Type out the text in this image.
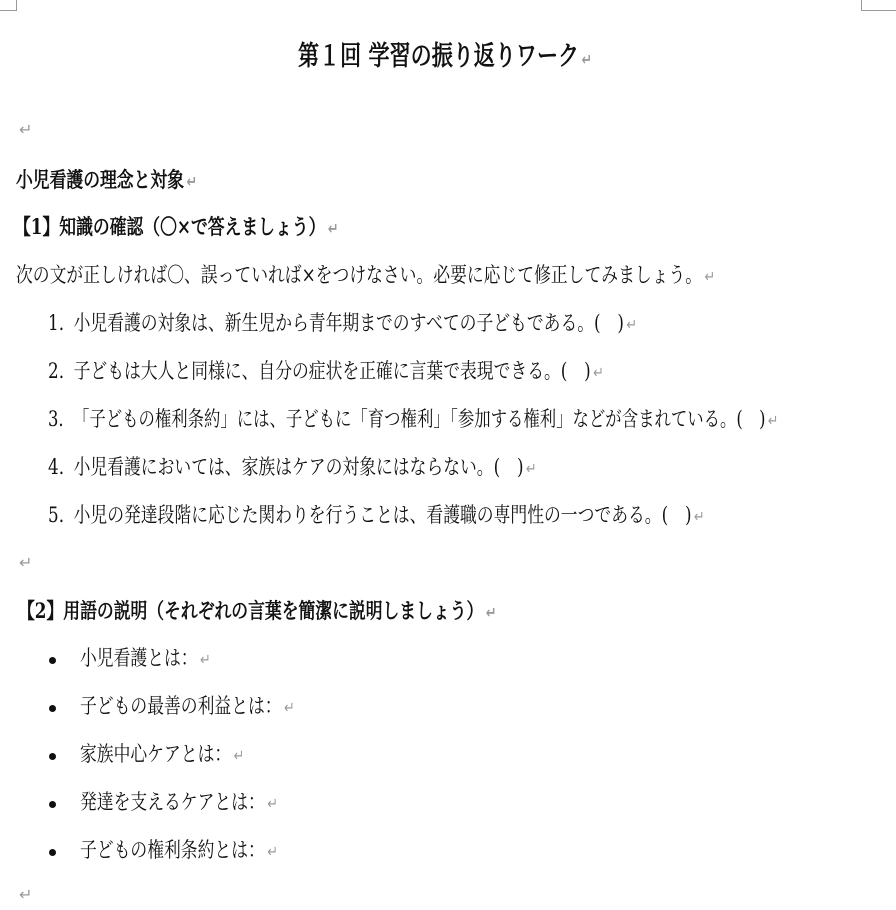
第１回 学習の振り返りワーク ↵
↵
小児看護の理念と対象 ↵
【1】知識の確認（〇×で答えましょう） ↵
次の文が正しければ〇、誤っていれば×をつけなさい。必要に応じて修正してみましょう。 ↵
1. 小児看護の対象は、新生児から青年期までのすべての子どもである。(　) ↵
2. 子どもは大人と同様に、自分の症状を正確に言葉で表現できる。(　) ↵
3. 「子どもの権利条約」には、子どもに「育つ権利」「参加する権利」などが含まれている。(　) ↵
4. 小児看護においては、家族はケアの対象にはならない。(　) ↵
5. 小児の発達段階に応じた関わりを行うことは、看護職の専門性の一つである。(　) ↵
↵
【2】用語の説明（それぞれの言葉を簡潔に説明しましょう） ↵
小児看護とは： ↵
子どもの最善の利益とは： ↵
家族中心ケアとは： ↵
発達を支えるケアとは： ↵
子どもの権利条約とは： ↵
↵
